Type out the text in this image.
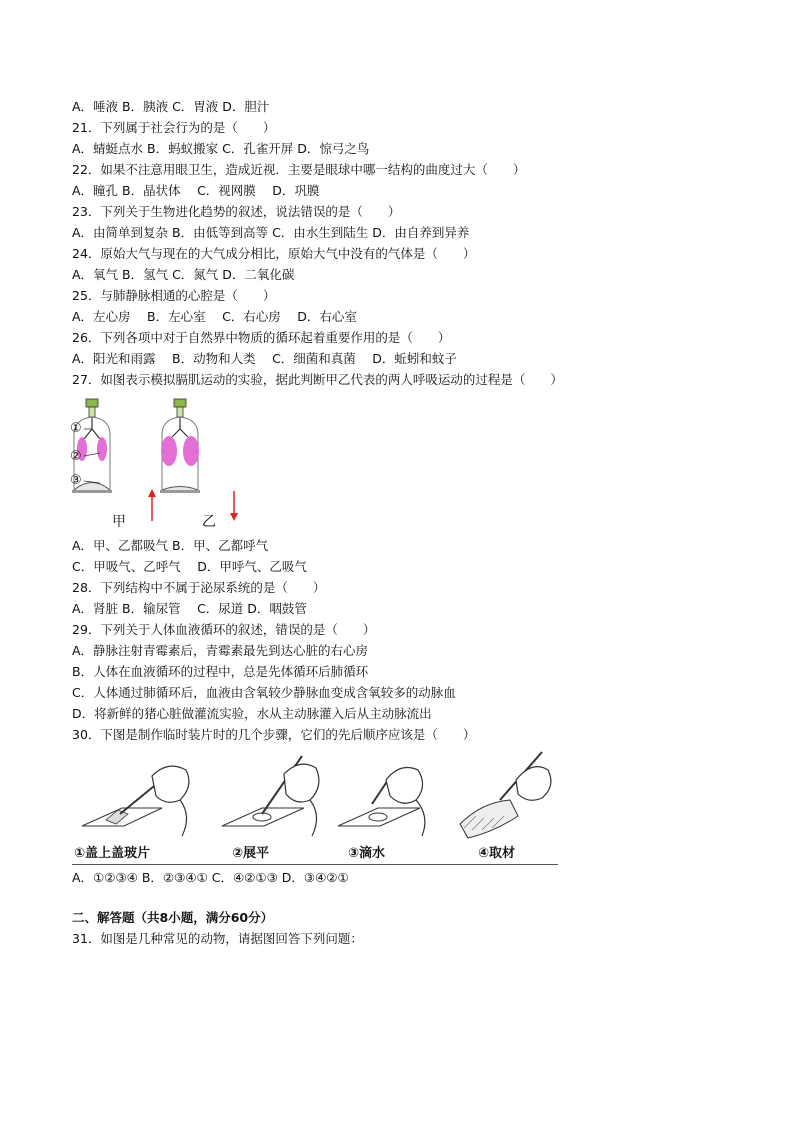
A．唾液 B．胰液 C．胃液 D．胆汁
21．下列属于社会行为的是（　　）
A．蜻蜓点水 B．蚂蚁搬家 C．孔雀开屏 D．惊弓之鸟
22．如果不注意用眼卫生，造成近视．主要是眼球中哪一结构的曲度过大（　　）
A．瞳孔 B．晶状体　 C．视网膜　 D．巩膜
23．下列关于生物进化趋势的叙述，说法错误的是（　　）
A．由简单到复杂 B．由低等到高等 C．由水生到陆生 D．由自养到异养
24．原始大气与现在的大气成分相比，原始大气中没有的气体是（　　）
A．氧气 B．氢气 C．氮气 D．二氧化碳
25．与肺静脉相通的心腔是（　　）
A．左心房　 B．左心室　 C．右心房　 D．右心室
26．下列各项中对于自然界中物质的循环起着重要作用的是（　　）
A．阳光和雨露　 B．动物和人类　 C．细菌和真菌　 D．蚯蚓和蚊子
27．如图表示模拟膈肌运动的实验，据此判断甲乙代表的两人呼吸运动的过程是（　　）
①
②
③
甲	乙
A．甲、乙都吸气 B．甲、乙都呼气
C．甲吸气、乙呼气　 D．甲呼气、乙吸气
28．下列结构中不属于泌尿系统的是（　　）
A．肾脏 B．输尿管　 C．尿道 D．咽鼓管
29．下列关于人体血液循环的叙述，错误的是（　　）
A．静脉注射青霉素后，青霉素最先到达心脏的右心房
B．人体在血液循环的过程中，总是先体循环后肺循环
C．人体通过肺循环后，血液由含氧较少静脉血变成含氧较多的动脉血
D．将新鲜的猪心脏做灌流实验，水从主动脉灌入后从主动脉流出
30．下图是制作临时装片时的几个步骤，它们的先后顺序应该是（　　）
①盖上盖玻片	②展平	③滴水	④取材
A．①②③④ B．②③④① C．④②①③ D．③④②①
二、解答题（共8小题，满分60分）
31．如图是几种常见的动物，请据图回答下列问题：
